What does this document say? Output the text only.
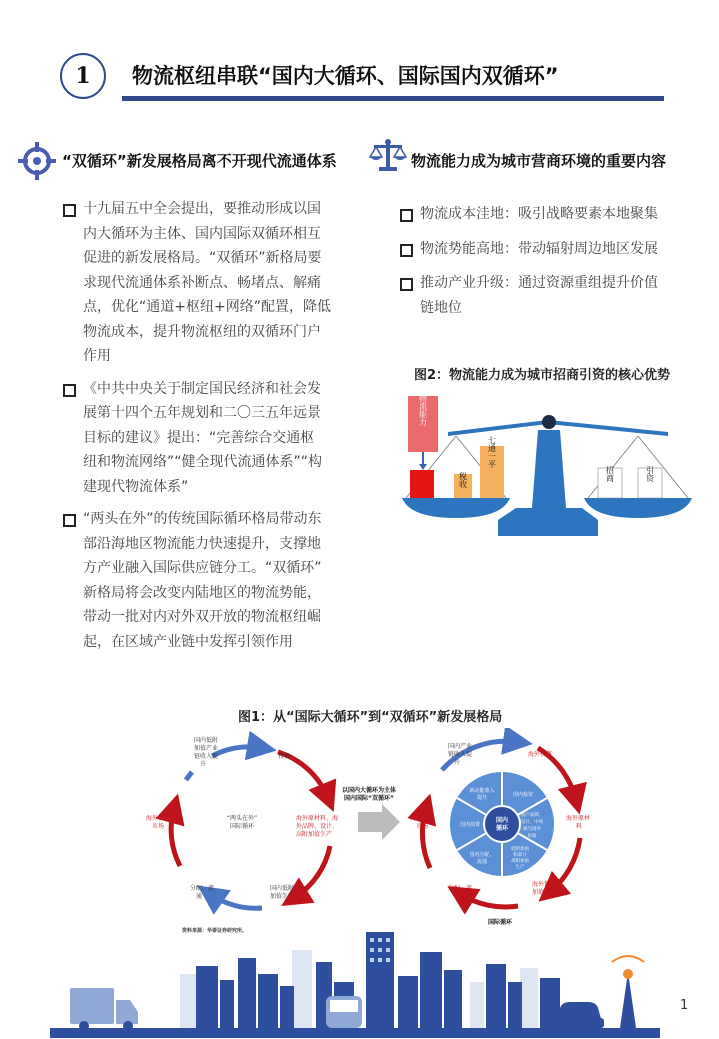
1 物流枢纽串联“国内大循环、国际国内双循环”
“双循环”新发展格局离不开现代流通体系	物流能力成为城市营商环境的重要内容
十九届五中全会提出，要推动形成以国
内大循环为主体、国内国际双循环相互
促进的新发展格局。“双循环”新格局要
求现代流通体系补断点、畅堵点、解痛
点，优化“通道+枢纽+网络”配置，降低
物流成本，提升物流枢纽的双循环门户
作用
《中共中央关于制定国民经济和社会发
展第十四个五年规划和二〇三五年远景
目标的建议》提出：“完善综合交通枢
纽和物流网络”“健全现代流通体系”“构
建现代物流体系”
“两头在外”的传统国际循环格局带动东
部沿海地区物流能力快速提升，支撑地
方产业融入国际供应链分工。“双循环”
新格局将会改变内陆地区的物流势能，
带动一批对内对外双开放的物流枢纽崛
起，在区域产业链中发挥引领作用
物流成本洼地：吸引战略要素本地聚集
物流势能高地：带动辐射周边地区发展
推动产业升级：通过资源重组提升价值
链地位
图2：物流能力成为城市招商引资的核心优势
物流能力
税收
七通一平
招商	引资
图1：从“国际大循环”到“双循环”新发展格局
国内低附加值产业链收入提升
投资
海外原材料、海外品牌、设计、高附加值生产
海外消费市场
“两头在外”国际循环
分配、流通
国内低附加值生产
以国内大循环为主体国内国际“双循环”
国内循环
新动能收入提升	国内投资
国产品牌、设计、中高端与国外价值
低附加值和部分高附加值生产
国内分配、流通
国内消费
国内产业链收入提升
海外投资
海外原材料
海外消费市场
分配、流通
海外低附加值生产
国际循环
资料来源：华泰证券研究所。
1
